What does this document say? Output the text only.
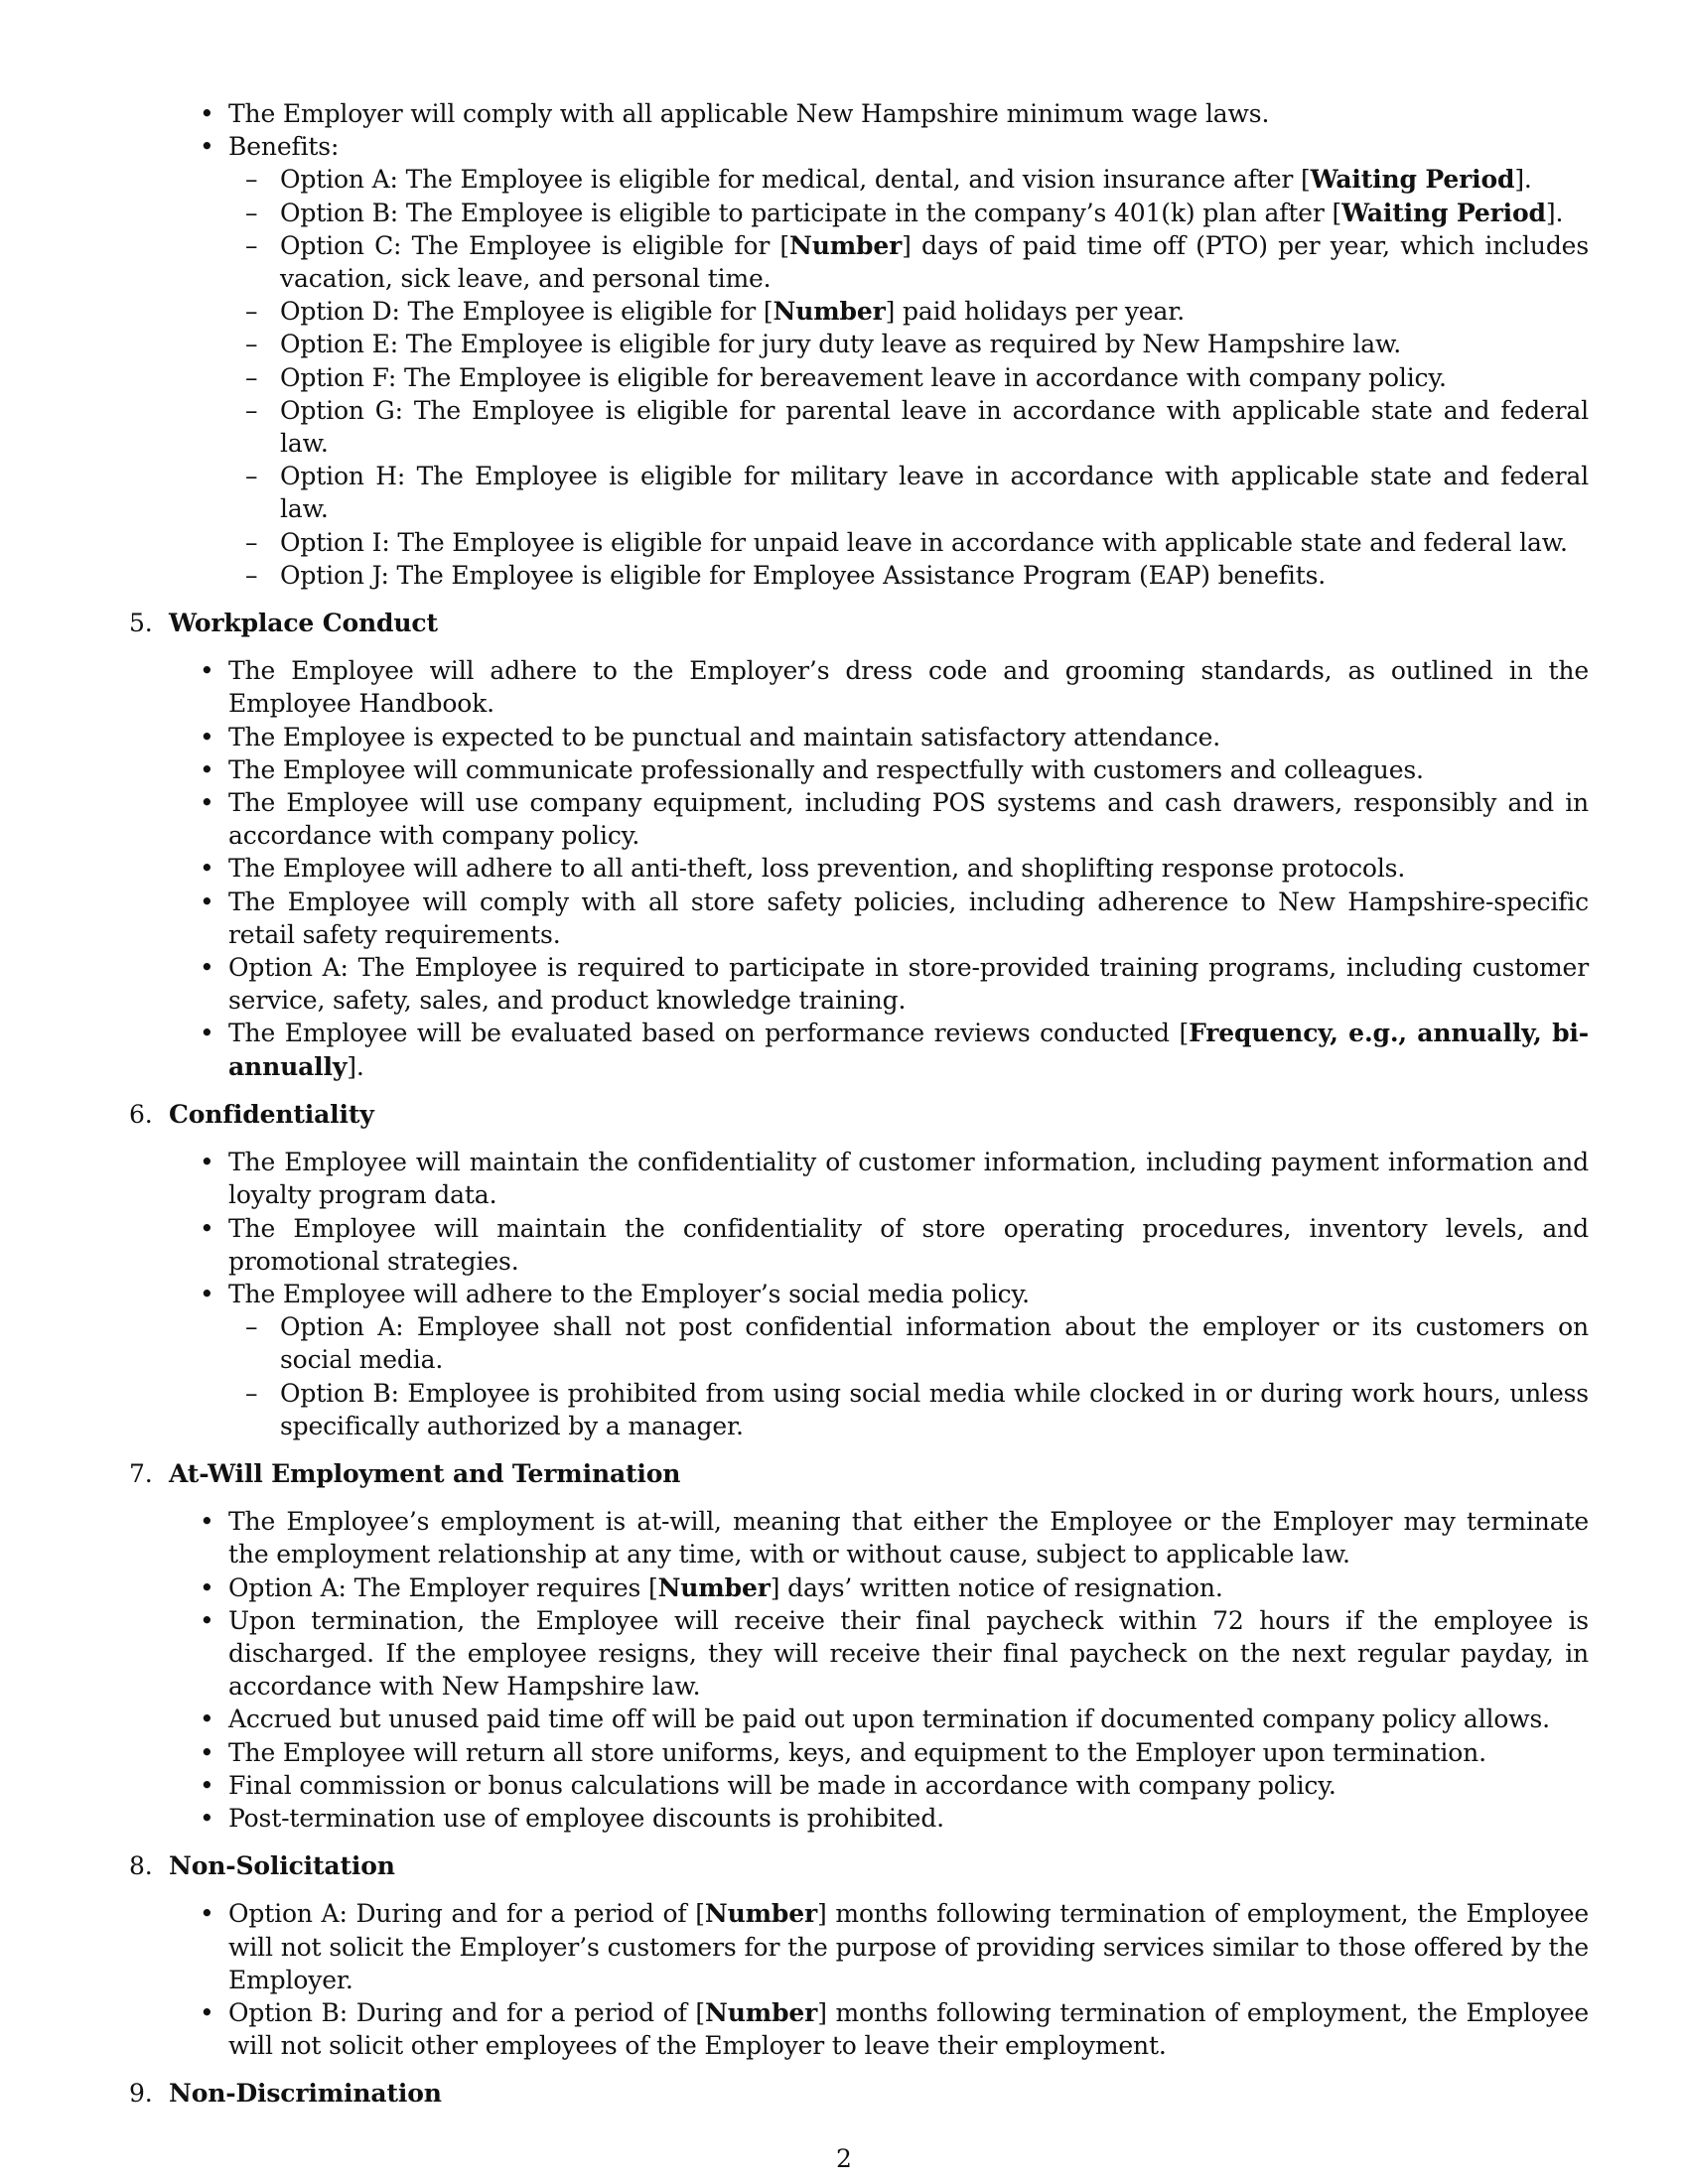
• The Employer will comply with all applicable New Hampshire minimum wage laws.
• Benefits:
– Option A: The Employee is eligible for medical, dental, and vision insurance after [Waiting Period].
– Option B: The Employee is eligible to participate in the company’s 401(k) plan after [Waiting Period].
– Option C: The Employee is eligible for [Number] days of paid time off (PTO) per year, which includes vacation, sick leave, and personal time.
– Option D: The Employee is eligible for [Number] paid holidays per year.
– Option E: The Employee is eligible for jury duty leave as required by New Hampshire law.
– Option F: The Employee is eligible for bereavement leave in accordance with company policy.
– Option G: The Employee is eligible for parental leave in accordance with applicable state and federal law.
– Option H: The Employee is eligible for military leave in accordance with applicable state and federal law.
– Option I: The Employee is eligible for unpaid leave in accordance with applicable state and federal law.
– Option J: The Employee is eligible for Employee Assistance Program (EAP) benefits.
5. Workplace Conduct
• The Employee will adhere to the Employer’s dress code and grooming standards, as outlined in the Employee Handbook.
• The Employee is expected to be punctual and maintain satisfactory attendance.
• The Employee will communicate professionally and respectfully with customers and colleagues.
• The Employee will use company equipment, including POS systems and cash drawers, responsibly and in accordance with company policy.
• The Employee will adhere to all anti-theft, loss prevention, and shoplifting response protocols.
• The Employee will comply with all store safety policies, including adherence to New Hampshire-specific retail safety requirements.
• Option A: The Employee is required to participate in store-provided training programs, including customer service, safety, sales, and product knowledge training.
• The Employee will be evaluated based on performance reviews conducted [Frequency, e.g., annually, bi-annually].
6. Confidentiality
• The Employee will maintain the confidentiality of customer information, including payment information and loyalty program data.
• The Employee will maintain the confidentiality of store operating procedures, inventory levels, and promotional strategies.
• The Employee will adhere to the Employer’s social media policy.
– Option A: Employee shall not post confidential information about the employer or its customers on social media.
– Option B: Employee is prohibited from using social media while clocked in or during work hours, unless specifically authorized by a manager.
7. At-Will Employment and Termination
• The Employee’s employment is at-will, meaning that either the Employee or the Employer may terminate the employment relationship at any time, with or without cause, subject to applicable law.
• Option A: The Employer requires [Number] days’ written notice of resignation.
• Upon termination, the Employee will receive their final paycheck within 72 hours if the employee is discharged. If the employee resigns, they will receive their final paycheck on the next regular payday, in accordance with New Hampshire law.
• Accrued but unused paid time off will be paid out upon termination if documented company policy allows.
• The Employee will return all store uniforms, keys, and equipment to the Employer upon termination.
• Final commission or bonus calculations will be made in accordance with company policy.
• Post-termination use of employee discounts is prohibited.
8. Non-Solicitation
• Option A: During and for a period of [Number] months following termination of employment, the Employee will not solicit the Employer’s customers for the purpose of providing services similar to those offered by the Employer.
• Option B: During and for a period of [Number] months following termination of employment, the Employee will not solicit other employees of the Employer to leave their employment.
9. Non-Discrimination
2
